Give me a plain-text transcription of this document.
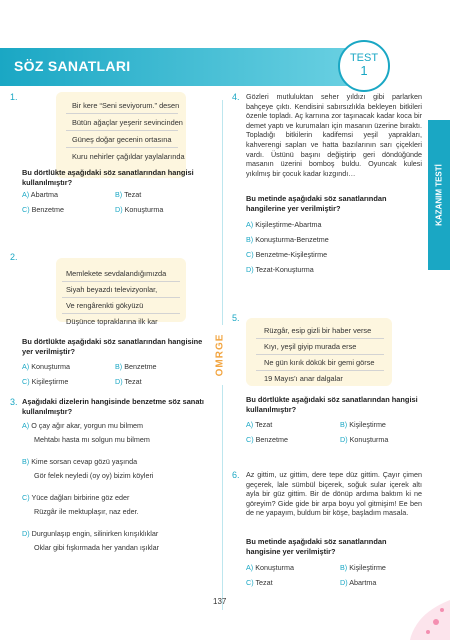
SÖZ SANATLARI	TEST
1
KAZANIM TESTİ
OMRGE
1.
Bir kere “Seni seviyorum.” desen
Bütün ağaçlar yeşerir sevincinden
Güneş doğar gecenin ortasına
Kuru nehirler çağıldar yaylalarında
Bu dörtlükte aşağıdaki söz sanatlarından hangisi kullanılmıştır?
A) Abartma	B) Tezat
C) Benzetme	D) Konuşturma
2.
Memlekete sevdalandığımızda
Siyah beyazdı televizyonlar,
Ve rengârenkti gökyüzü
Düşünce topraklarına ilk kar
Bu dörtlükte aşağıdaki söz sanatlarından hangisine yer verilmiştir?
A) Konuşturma	B) Benzetme
C) Kişileştirme	D) Tezat
3. Aşağıdaki dizelerin hangisinde benzetme söz sanatı kullanılmıştır?
A) O çay ağır akar, yorgun mu bilmem
Mehtabı hasta mı solgun mu bilmem
B) Kime sorsan cevap gözü yaşında
Gör felek neyledi (oy oy) bizim köyleri
C) Yüce dağları birbirine göz eder
Rüzgâr ile mektuplaşır, naz eder.
D) Durgunlaşıp engin, silinirken kırışıklıklar
Oklar gibi fışkırmada her yandan ışıklar
4. Gözleri mutluluktan seher yıldızı gibi parlarken bahçeye çıktı. Kendisini sabırsızlıkla bekleyen bitkileri özenle topladı. Aç karnına zor taşınacak kadar koca bir demet yaptı ve kurumaları için masanın üzerine bıraktı. Topladığı bitkilerin kadifemsi yeşil yaprakları, kahverengi sapları ve hatta bazılarının sarı çiçekleri vardı. Üstünü başını değiştirip geri döndüğünde masanın üzerini bomboş buldu. Oyuncak kulesi yıkılmış bir çocuk kadar kızgındı…
Bu metinde aşağıdaki söz sanatlarından hangilerine yer verilmiştir?
A) Kişileştirme-Abartma
B) Konuşturma-Benzetme
C) Benzetme-Kişileştirme
D) Tezat-Konuşturma
5.
Rüzgâr, esip gizli bir haber verse
Kıyı, yeşil giyip murada erse
Ne gün kırık dökük bir gemi görse
19 Mayıs’ı anar dalgalar
Bu dörtlükte aşağıdaki söz sanatlarından hangisi kullanılmıştır?
A) Tezat	B) Kişileştirme
C) Benzetme	D) Konuşturma
6. Az gittim, uz gittim, dere tepe düz gittim. Çayır çimen geçerek, lale sümbül biçerek, soğuk sular içerek altı ayla bir güz gittim. Bir de dönüp ardıma baktım ki ne göreyim? Gide gide bir arpa boyu yol gitmişim! Ee ben de ne yapayım, buldum bir köşe, başladım masala.
Bu metinde aşağıdaki söz sanatlarından hangisine yer verilmiştir?
A) Konuşturma	B) Kişileştirme
C) Tezat	D) Abartma
137
